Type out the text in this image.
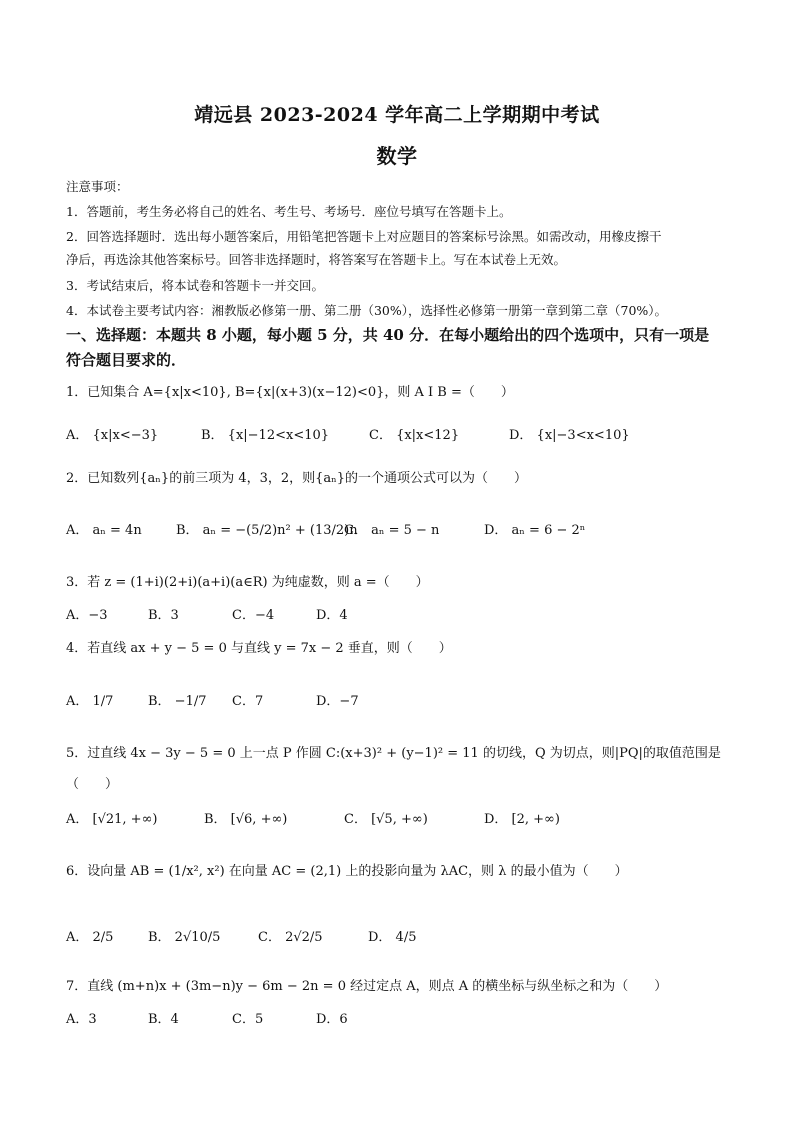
靖远县 2023-2024 学年高二上学期期中考试
数学
注意事项：
1．答题前，考生务必将自己的姓名、考生号、考场号．座位号填写在答题卡上。
2．回答选择题时．选出每小题答案后，用铅笔把答题卡上对应题目的答案标号涂黑。如需改动，用橡皮擦干
净后，再选涂其他答案标号。回答非选择题时，将答案写在答题卡上。写在本试卷上无效。
3．考试结束后，将本试卷和答题卡一并交回。
4．本试卷主要考试内容：湘教版必修第一册、第二册（30%），选择性必修第一册第一章到第二章（70%）。
一、选择题：本题共 8 小题，每小题 5 分，共 40 分．在每小题给出的四个选项中，只有一项是
符合题目要求的．
1．已知集合 A={x|x<10}, B={x|(x+3)(x−12)<0}，则 A I B =（　　）
A． {x|x<−3}	B． {x|−12<x<10}	C． {x|x<12}	D． {x|−3<x<10}
2．已知数列{aₙ}的前三项为 4，3，2，则{aₙ}的一个通项公式可以为（　　）
A． aₙ = 4n	B． aₙ = −(5/2)n² + (13/2)nC． aₙ = 5 − n	D． aₙ = 6 − 2ⁿ
3．若 z = (1+i)(2+i)(a+i)(a∈R) 为纯虚数，则 a =（　　）
A．−3	B．3	C．−4	D．4
4．若直线 ax + y − 5 = 0 与直线 y = 7x − 2 垂直，则（　　）
A． 1/7	B． −1/7 C．7	D．−7
5．过直线 4x − 3y − 5 = 0 上一点 P 作圆 C:(x+3)² + (y−1)² = 11 的切线，Q 为切点，则|PQ|的取值范围是
（　　）
A． [√21, +∞)	B． [√6, +∞)	C． [√5, +∞)	D． [2, +∞)
6．设向量 AB = (1/x², x²) 在向量 AC = (2,1) 上的投影向量为 λAC，则 λ 的最小值为（　　）
A． 2/5	B． 2√10/5	C． 2√2/5	D． 4/5
7．直线 (m+n)x + (3m−n)y − 6m − 2n = 0 经过定点 A，则点 A 的横坐标与纵坐标之和为（　　）
A．3	B．4	C．5	D．6
